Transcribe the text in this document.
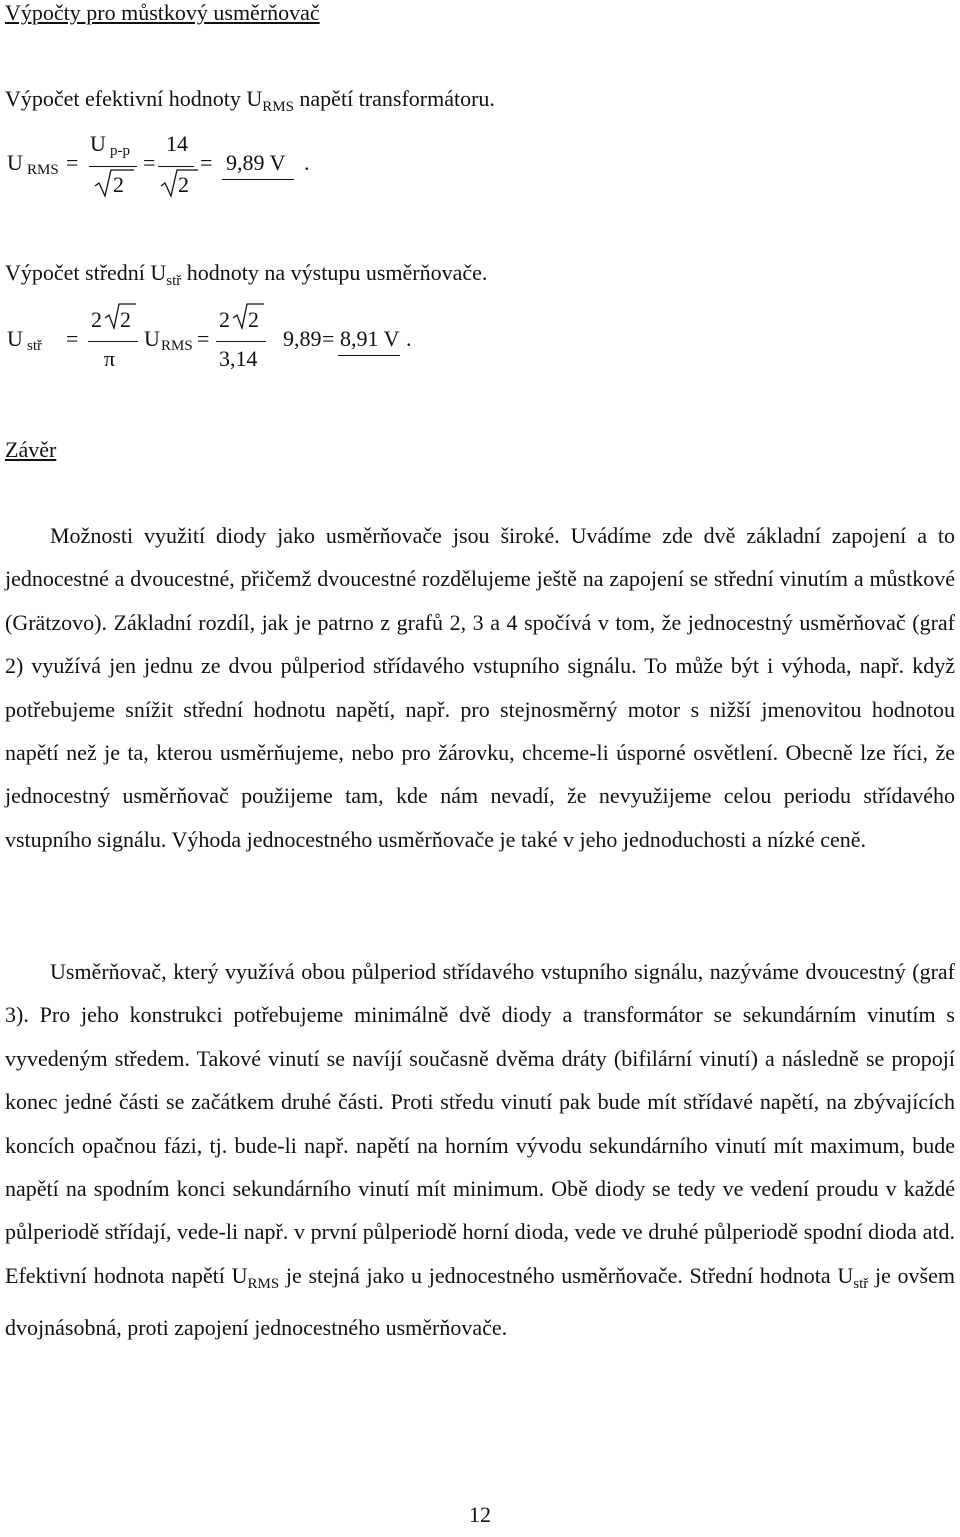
Výpočty pro můstkový usměrňovač
Výpočet efektivní hodnoty $U_{RMS}$ napětí transformátoru.
U RMS =
U p-p
2
=
14
2
= 9,89 V .
Výpočet střední $U_{stř}$ hodnoty na výstupu usměrňovače.
U stř =
2 2
π
U RMS =
2 2
3,14
9,89 = 8,91 V .
Závěr
Možnosti využití diody jako usměrňovače jsou široké. Uvádíme zde dvě základní zapojení a to jednocestné a dvoucestné, přičemž dvoucestné rozdělujeme ještě na zapojení se střední vinutím a můstkové (Grätzovo). Základní rozdíl, jak je patrno z grafů 2, 3 a 4 spočívá v tom, že jednocestný usměrňovač (graf 2) využívá jen jednu ze dvou půlperiod střídavého vstupního signálu. To může být i výhoda, např. když potřebujeme snížit střední hodnotu napětí, např. pro stejnosměrný motor s nižší jmenovitou hodnotou napětí než je ta, kterou usměrňujeme, nebo pro žárovku, chceme-li úsporné osvětlení. Obecně lze říci, že jednocestný usměrňovač použijeme tam, kde nám nevadí, že nevyužijeme celou periodu střídavého vstupního signálu. Výhoda jednocestného usměrňovače je také v jeho jednoduchosti a nízké ceně.
Usměrňovač, který využívá obou půlperiod střídavého vstupního signálu, nazýváme dvoucestný (graf 3). Pro jeho konstrukci potřebujeme minimálně dvě diody a transformátor se sekundárním vinutím s vyvedeným středem. Takové vinutí se navíjí současně dvěma dráty (bifilární vinutí) a následně se propojí konec jedné části se začátkem druhé části. Proti středu vinutí pak bude mít střídavé napětí, na zbývajících koncích opačnou fázi, tj. bude-li např. napětí na horním vývodu sekundárního vinutí mít maximum, bude napětí na spodním konci sekundárního vinutí mít minimum. Obě diody se tedy ve vedení proudu v každé půlperiodě střídají, vede-li např. v první půlperiodě horní dioda, vede ve druhé půlperiodě spodní dioda atd. Efektivní hodnota napětí $U_{RMS}$ je stejná jako u jednocestného usměrňovače. Střední hodnota $U_{stř}$ je ovšem dvojnásobná, proti zapojení jednocestného usměrňovače.
12
